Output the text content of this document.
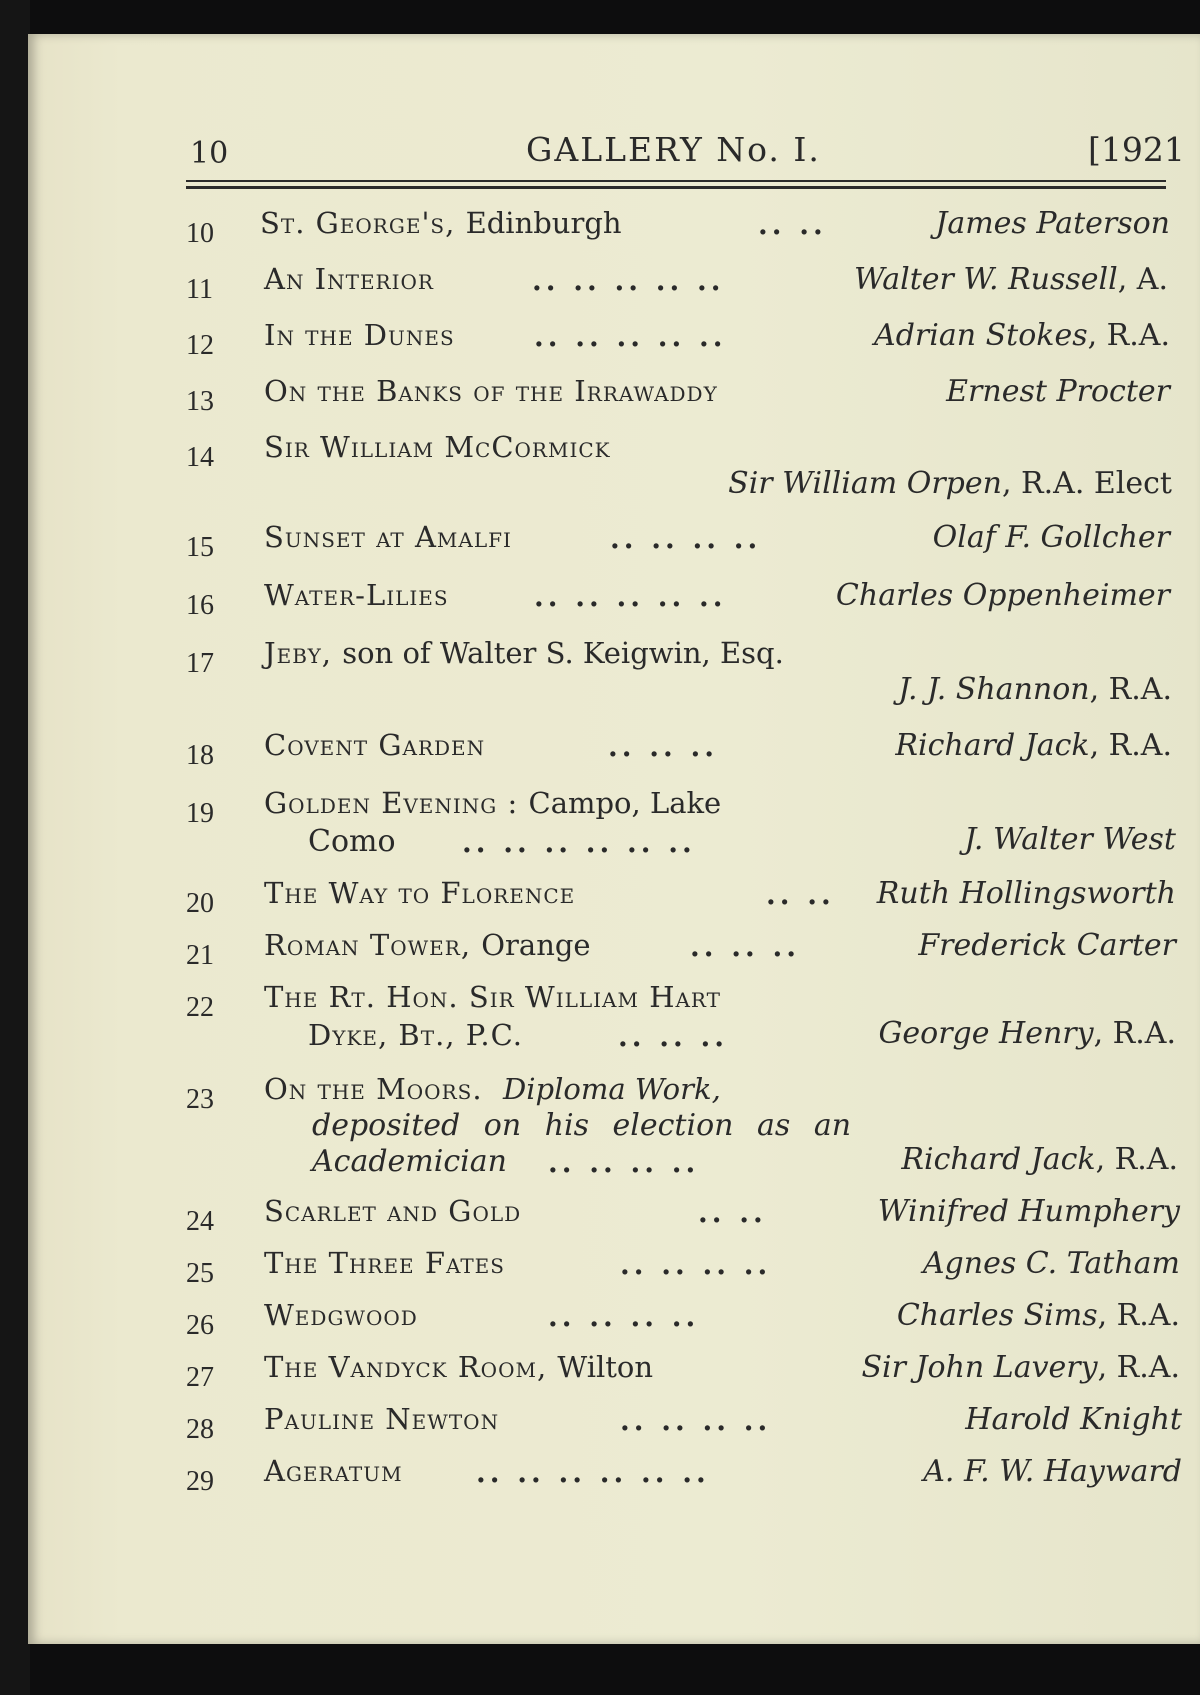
10	GALLERY No. I.	[1921
10	St. George's, Edinburgh	.. ..	James Paterson
11	An Interior	.. .. .. .. ..	Walter W. Russell, A.
12	In the Dunes	.. .. .. .. ..	Adrian Stokes, R.A.
13	On the Banks of the Irrawaddy	Ernest Procter
14	Sir William McCormick
Sir William Orpen, R.A. Elect
15	Sunset at Amalfi	.. .. .. ..	Olaf F. Gollcher
16	Water-Lilies	.. .. .. .. ..	Charles Oppenheimer
17	Jeby, son of Walter S. Keigwin, Esq.
J. J. Shannon, R.A.
18	Covent Garden	.. .. ..	Richard Jack, R.A.
19	Golden Evening : Campo, Lake
Como .. .. .. .. .. ..	J. Walter West
20	The Way to Florence	.. .. Ruth Hollingsworth
21	Roman Tower, Orange	.. .. ..	Frederick Carter
22	The Rt. Hon. Sir William Hart
Dyke, Bt., P.C.	.. .. ..	George Henry, R.A.
23	On the Moors. Diploma Work,
deposited on his election as an
Academician .. .. .. ..	Richard Jack, R.A.
24	Scarlet and Gold	.. ..	Winifred Humphery
25	The Three Fates	.. .. .. ..	Agnes C. Tatham
26	Wedgwood	.. .. .. ..	Charles Sims, R.A.
27	The Vandyck Room, Wilton	Sir John Lavery, R.A.
28	Pauline Newton	.. .. .. ..	Harold Knight
29	Ageratum	.. .. .. .. .. ..	A. F. W. Hayward
